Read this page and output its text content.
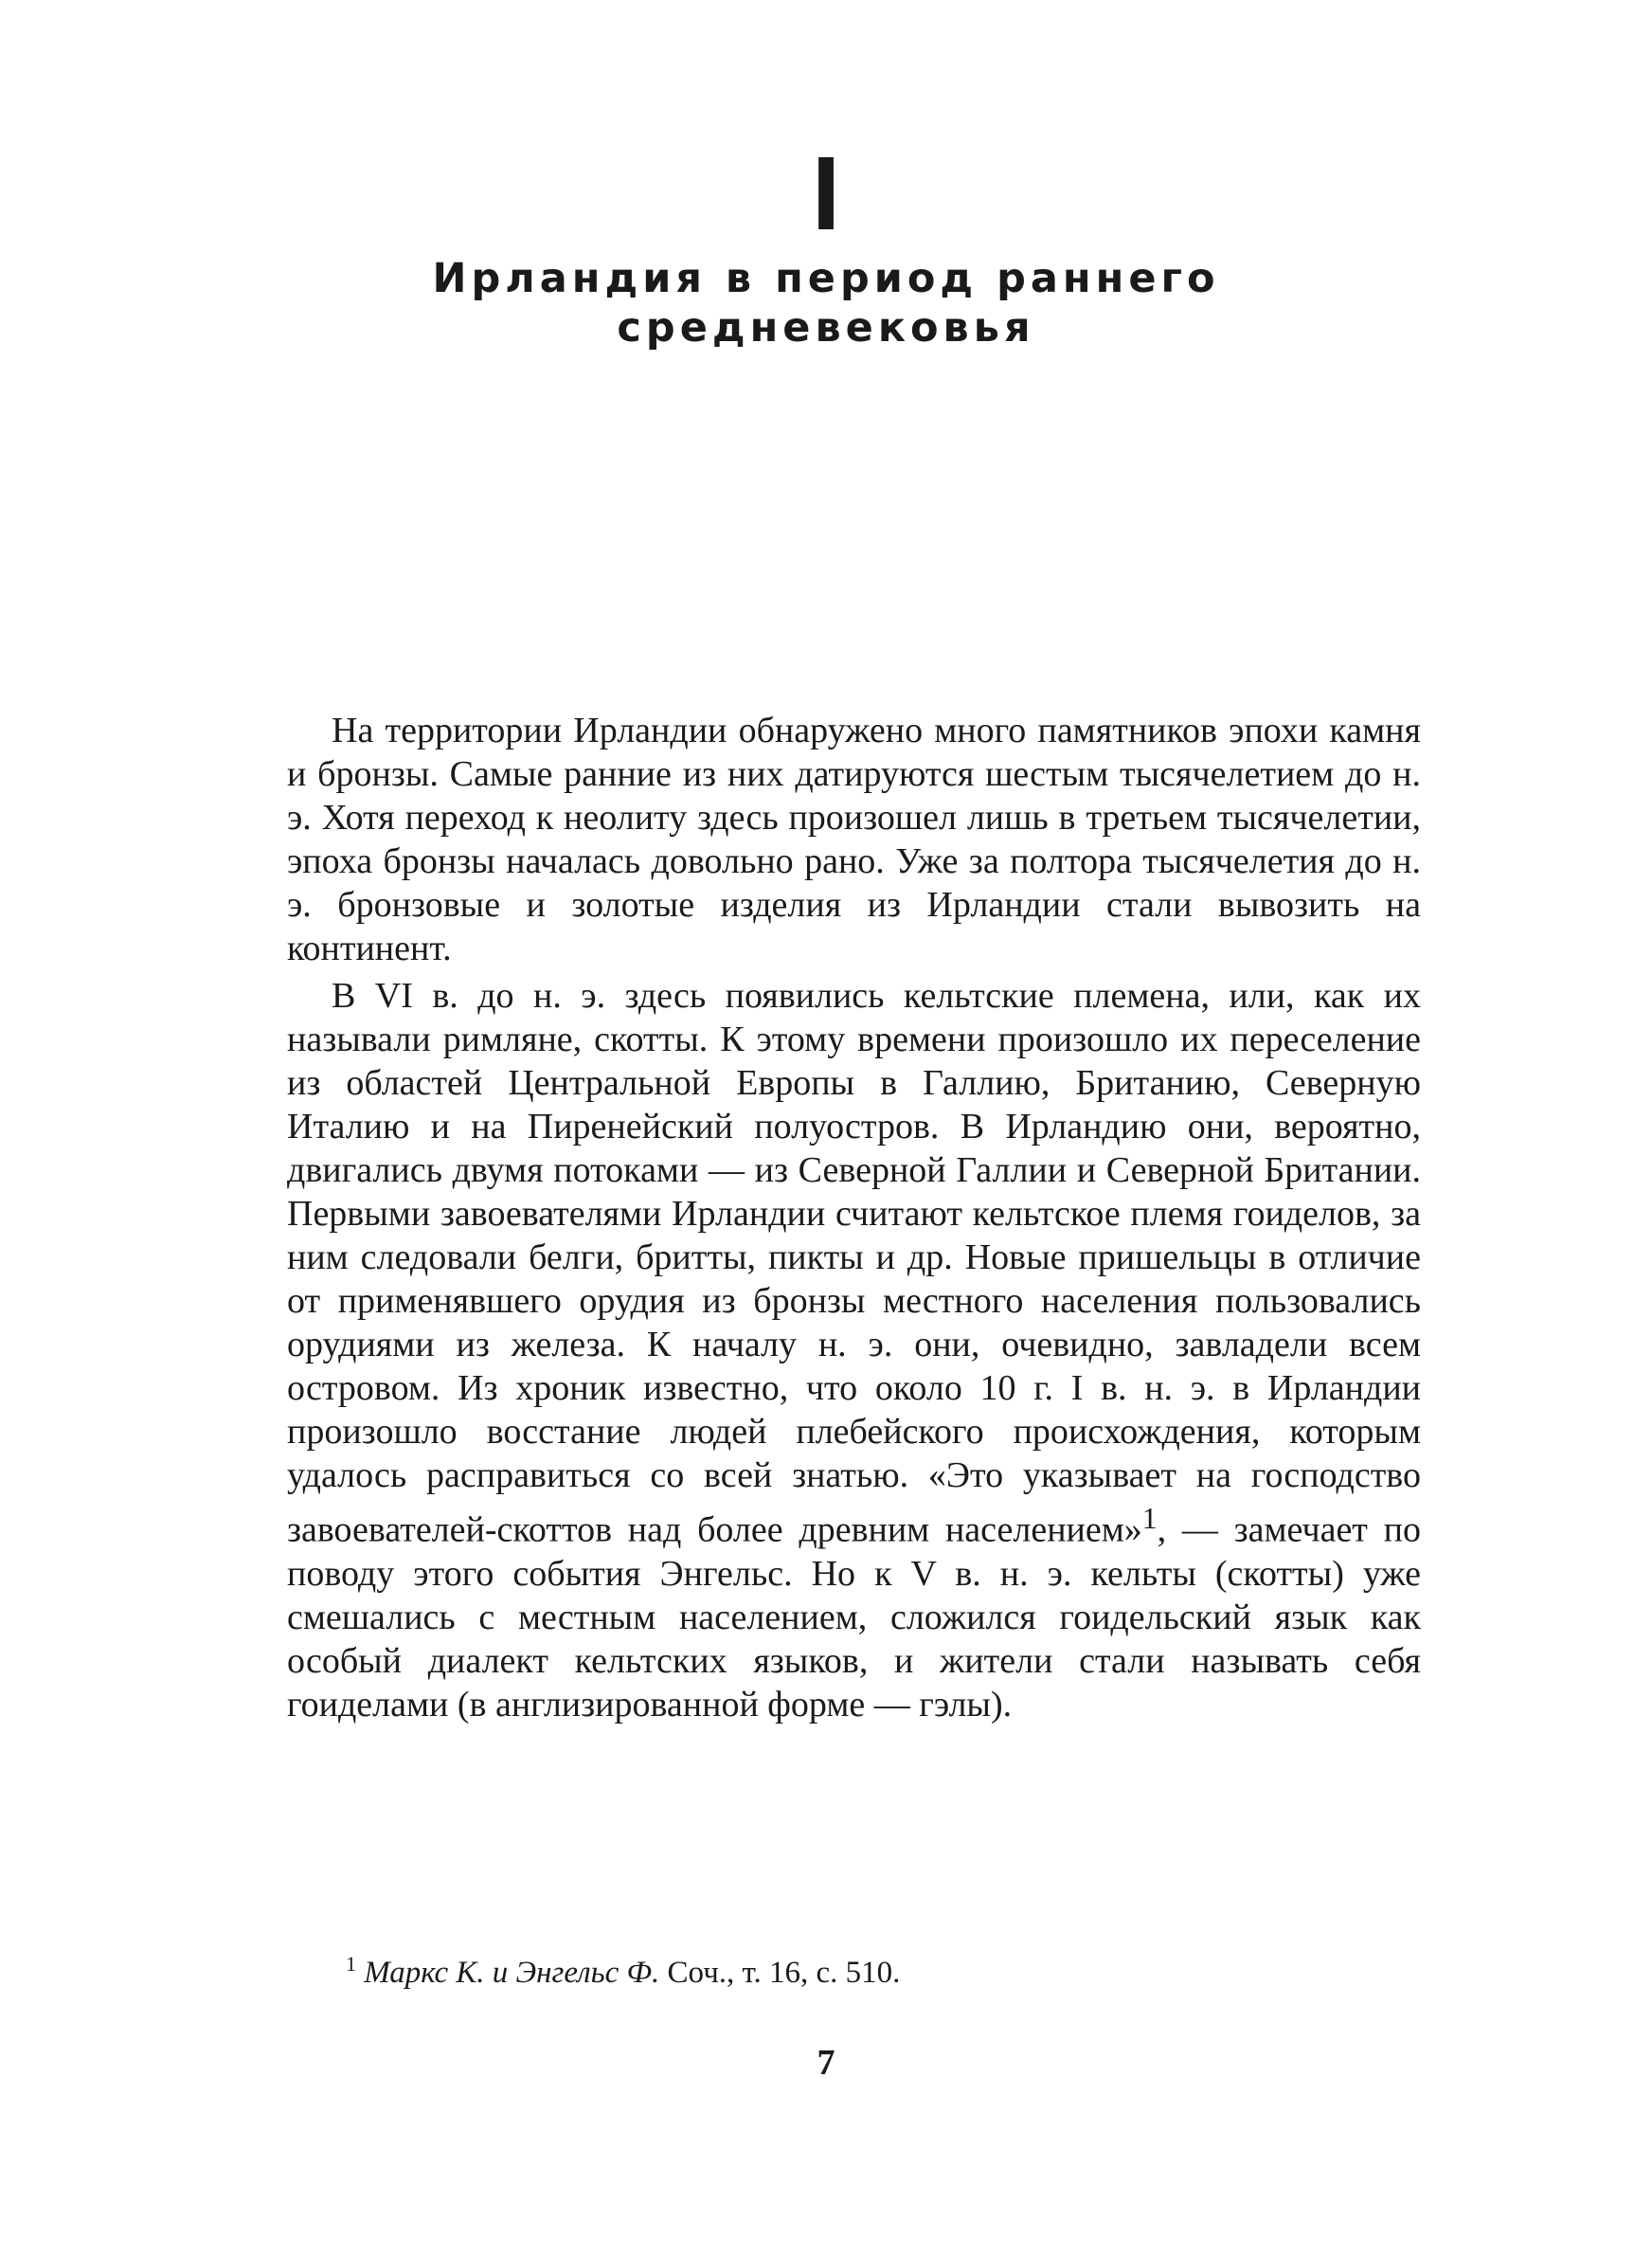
I
Ирландия в период раннего
средневековья

На территории Ирландии обнаружено много памятников эпохи камня и бронзы. Самые ранние из них датируются шестым тысячелетием до н. э. Хотя переход к неолиту здесь произошел лишь в третьем тысячелетии, эпоха бронзы началась довольно рано. Уже за полтора тысячелетия до н. э. бронзовые и золотые изделия из Ирландии стали вывозить на континент.

В VI в. до н. э. здесь появились кельтские племена, или, как их называли римляне, скотты. К этому времени произошло их переселение из областей Центральной Европы в Галлию, Британию, Северную Италию и на Пиренейский полуостров. В Ирландию они, вероятно, двигались двумя потоками — из Северной Галлии и Северной Британии. Первыми завоевателями Ирландии считают кельтское племя гоиделов, за ним следовали белги, бритты, пикты и др. Новые пришельцы в отличие от применявшего орудия из бронзы местного населения пользовались орудиями из железа. К началу н. э. они, очевидно, завладели всем островом. Из хроник известно, что около 10 г. I в. н. э. в Ирландии произошло восстание людей плебейского происхождения, которым удалось расправиться со всей знатью. «Это указывает на господство завоевателей-скоттов над более древним населением»$^1$, — замечает по поводу этого события Энгельс. Но к V в. н. э. кельты (скотты) уже смешались с местным населением, сложился гоидельский язык как особый диалект кельтских языков, и жители стали называть себя гоиделами (в англизированной форме — гэлы).

$^1$ Маркс К. и Энгельс Ф. Соч., т. 16, с. 510.
7
